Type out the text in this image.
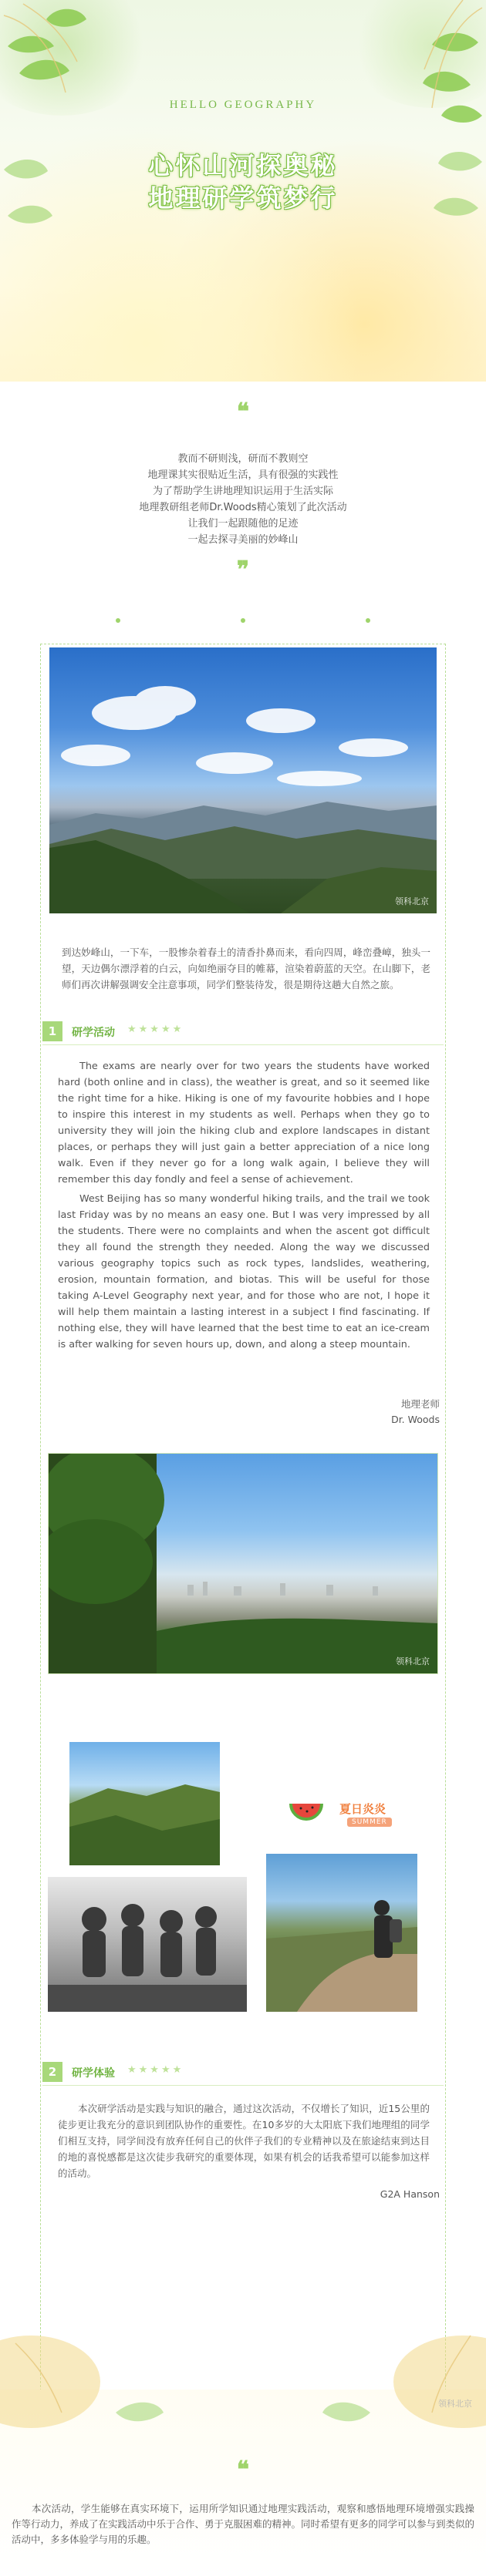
HELLO GEOGRAPHY
心怀山河探奥秘
地理研学筑梦行
❝
教而不研则浅，研而不教则空
地理课其实很贴近生活，具有很强的实践性
为了帮助学生讲地理知识运用于生活实际
地理教研组老师Dr.Woods精心策划了此次活动
让我们一起跟随他的足迹
一起去探寻美丽的妙峰山
❞
领科北京
到达妙峰山，一下车，一股惨杂着春土的清香扑鼻而来，看向四周，峰峦叠嶂，独头一望，天边偶尔漂浮着的白云，向如绝丽夺目的帷幕，渲染着蔚蓝的天空。在山脚下，老师们再次讲解强调安全注意事项，同学们整装待发，很是期待这趟大自然之旅。
1	研学活动 ★★★★★
The exams are nearly over for two years the students have worked hard (both online and in class), the weather is great, and so it seemed like the right time for a hike. Hiking is one of my favourite hobbies and I hope to inspire this interest in my students as well. Perhaps when they go to university they will join the hiking club and explore landscapes in distant places, or perhaps they will just gain a better appreciation of a nice long walk. Even if they never go for a long walk again, I believe they will remember this day fondly and feel a sense of achievement.
West Beijing has so many wonderful hiking trails, and the trail we took last Friday was by no means an easy one. But I was very impressed by all the students. There were no complaints and when the ascent got difficult they all found the strength they needed. Along the way we discussed various geography topics such as rock types, landslides, weathering, erosion, mountain formation, and biotas. This will be useful for those taking A-Level Geography next year, and for those who are not, I hope it will help them maintain a lasting interest in a subject I find fascinating. If nothing else, they will have learned that the best time to eat an ice-cream is after walking for seven hours up, down, and along a steep mountain.
地理老师
Dr. Woods
领科北京
夏日炎炎
SUMMER
2	研学体验 ★★★★★
本次研学活动是实践与知识的融合，通过这次活动，不仅增长了知识，近15公里的徒步更让我充分的意识到团队协作的重要性。在10多岁的大太阳底下我们地理组的同学们相互支持，同学间没有放弃任何自己的伙伴子我们的专业精神以及在旅途结束到达目的地的喜悦感都是这次徒步我研究的重要体现，如果有机会的话我希望可以能参加这样的活动。
G2A Hanson
领科北京
❝
本次活动，学生能够在真实环境下，运用所学知识通过地理实践活动，观察和感悟地理环境增强实践操作等行动力，养成了在实践活动中乐于合作、勇于克服困难的精神。同时希望有更多的同学可以参与到类似的活动中，多多体验学与用的乐趣。
